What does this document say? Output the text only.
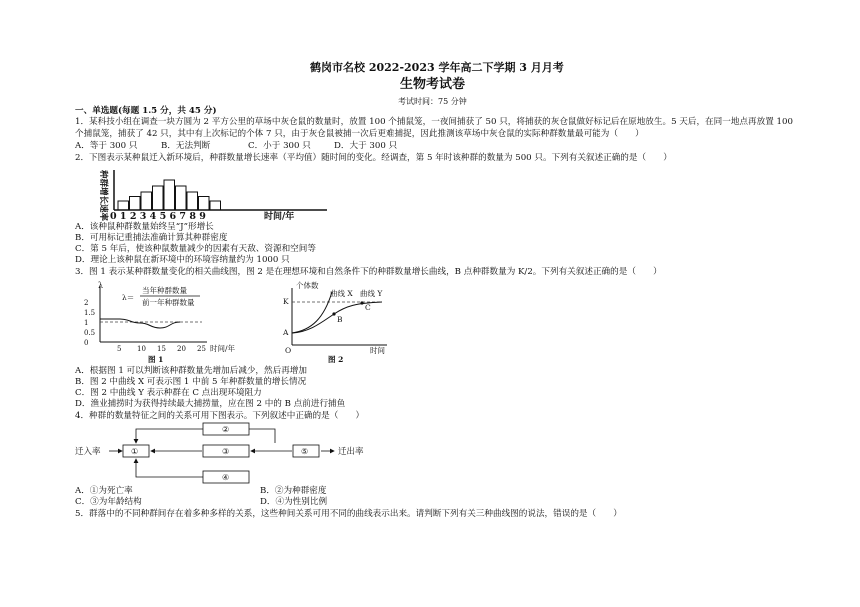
鹤岗市名校 2022-2023 学年高二下学期 3 月月考
生物考试卷
考试时间：75 分钟
一、单选题(每题 1.5 分，共 45 分)
1．某科技小组在调查一块方圆为 2 平方公里的草场中灰仓鼠的数量时，放置 100 个捕鼠笼，一夜间捕获了 50 只，将捕获的灰仓鼠做好标记后在原地放生。5 天后，在同一地点再放置 100
个捕鼠笼，捕获了 42 只，其中有上次标记的个体 7 只，由于灰仓鼠被捕一次后更难捕捉，因此推测该草场中灰仓鼠的实际种群数量最可能为（　　）
A．等于 300 只	B．无法判断	C．小于 300 只	D．大于 300 只
2．下图表示某种鼠迁入新环境后，种群数量增长速率（平均值）随时间的变化。经调查，第 5 年时该种群的数量为 500 只。下列有关叙述正确的是（　　）
种群增长速率 0 1 2 3 4 5 6 7 8 9	时间/年
A．该种鼠种群数量始终呈“J”形增长
B．可用标记重捕法准确计算其种群密度
C．第 5 年后，使该种鼠数量减少的因素有天敌、资源和空间等
D．理论上该种鼠在新环境中的环境容纳量约为 1000 只
3．图 1 表示某种群数量变化的相关曲线图，图 2 是在理想环境和自然条件下的种群数量增长曲线，B 点种群数量为 K/2。下列有关叙述正确的是（　　）
λ
λ＝
当年种群数量
前一年种群数量
2
1.5
1
0.5
0
5 10 15 20 25 时间/年
图 1
个体数
K
A
O
曲线 X 曲线 Y
B
C
时间
图 2
A．根据图 1 可以判断该种群数量先增加后减少，然后再增加
B．图 2 中曲线 X 可表示图 1 中前 5 年种群数量的增长情况
C．图 2 中曲线 Y 表示种群在 C 点出现环境阻力
D．渔业捕捞时为获得持续最大捕捞量，应在图 2 中的 B 点前进行捕鱼
4．种群的数量特征之间的关系可用下图表示。下列叙述中正确的是（　　）
迁入率	①
②
③
④
⑤	迁出率
A．①为死亡率	B．②为种群密度
C．③为年龄结构	D．④为性别比例
5．群落中的不同种群间存在着多种多样的关系，这些种间关系可用不同的曲线表示出来。请判断下列有关三种曲线图的说法，错误的是（　　）
